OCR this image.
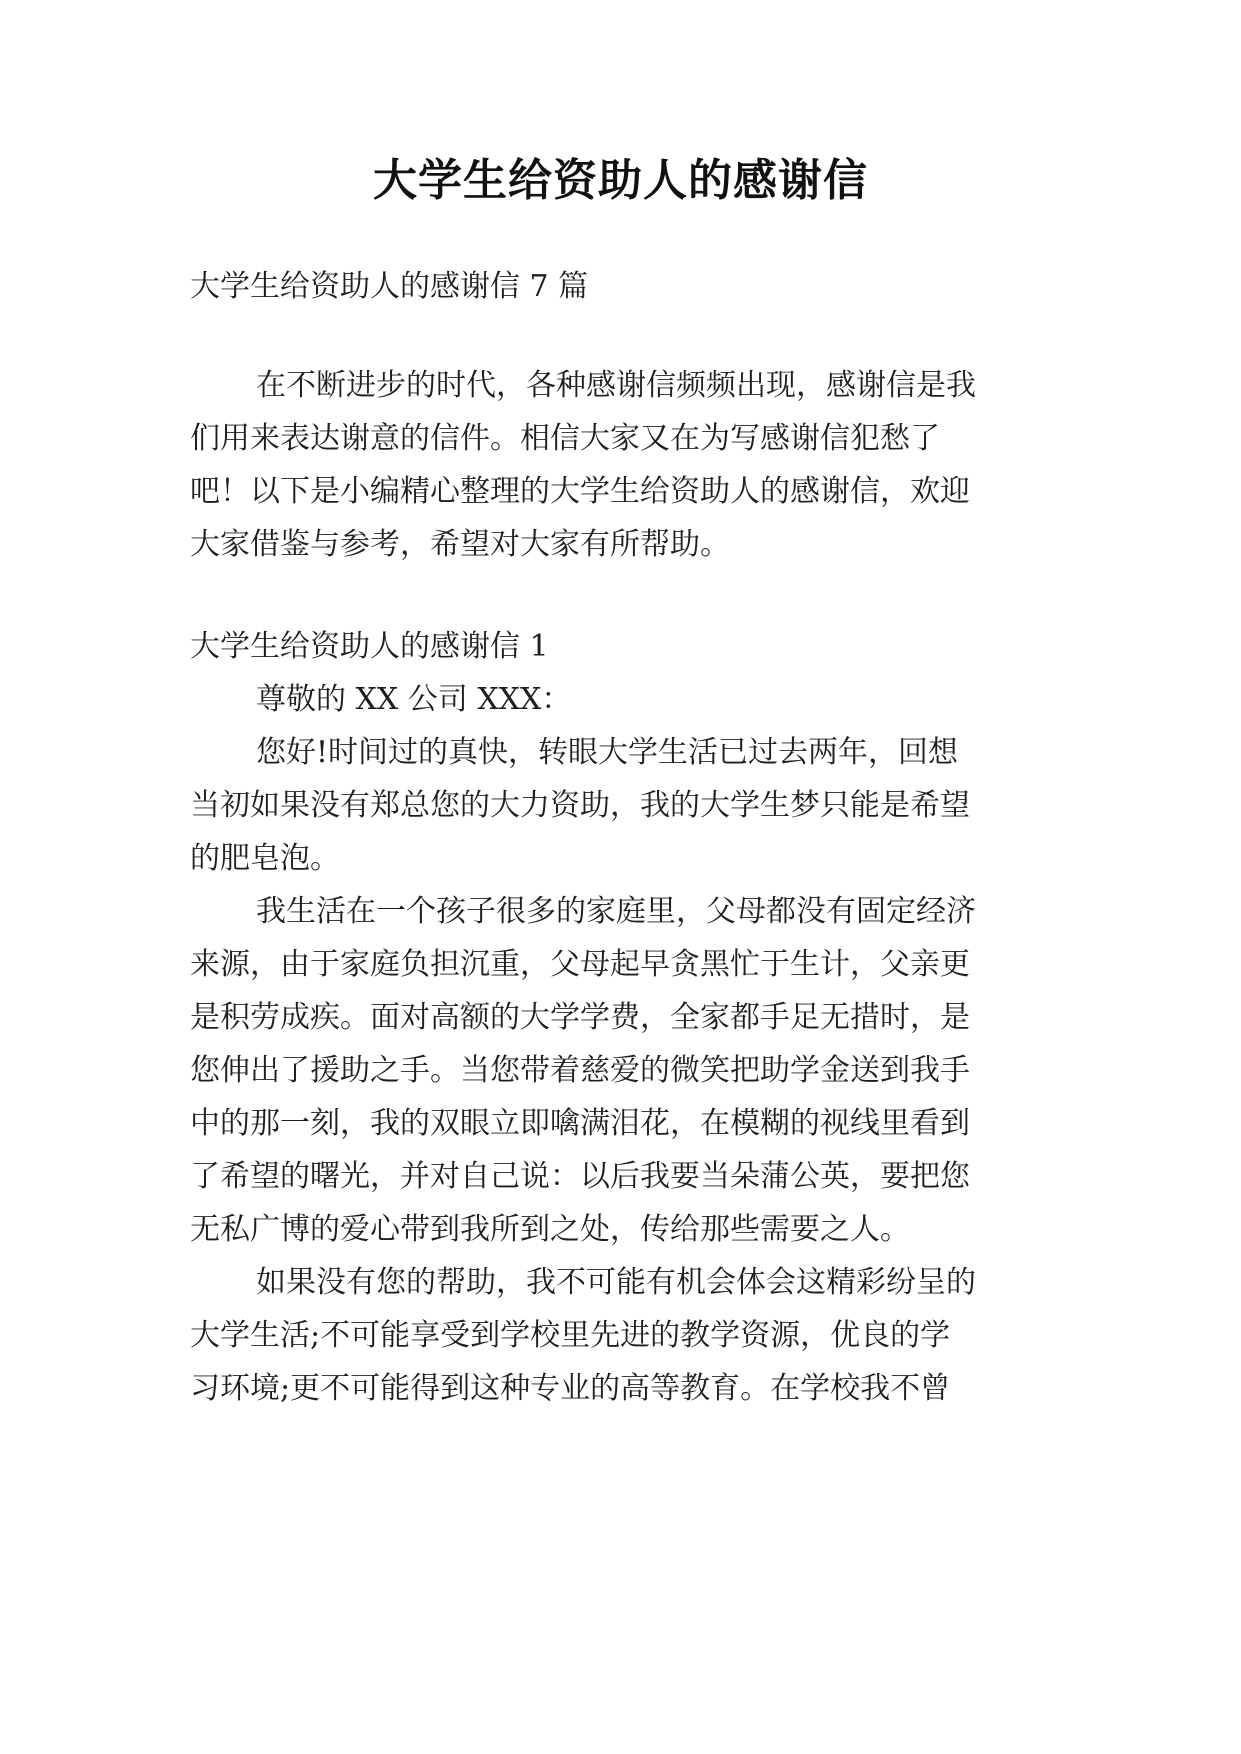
大学生给资助人的感谢信
大学生给资助人的感谢信 7 篇
在不断进步的时代，各种感谢信频频出现，感谢信是我
们用来表达谢意的信件。相信大家又在为写感谢信犯愁了
吧！以下是小编精心整理的大学生给资助人的感谢信，欢迎
大家借鉴与参考，希望对大家有所帮助。
大学生给资助人的感谢信 1
尊敬的 XX 公司 XXX：
您好!时间过的真快，转眼大学生活已过去两年，回想
当初如果没有郑总您的大力资助，我的大学生梦只能是希望
的肥皂泡。
我生活在一个孩子很多的家庭里，父母都没有固定经济
来源，由于家庭负担沉重，父母起早贪黑忙于生计，父亲更
是积劳成疾。面对高额的大学学费，全家都手足无措时，是
您伸出了援助之手。当您带着慈爱的微笑把助学金送到我手
中的那一刻，我的双眼立即噙满泪花，在模糊的视线里看到
了希望的曙光，并对自己说：以后我要当朵蒲公英，要把您
无私广博的爱心带到我所到之处，传给那些需要之人。
如果没有您的帮助，我不可能有机会体会这精彩纷呈的
大学生活;不可能享受到学校里先进的教学资源，优良的学
习环境;更不可能得到这种专业的高等教育。在学校我不曾
